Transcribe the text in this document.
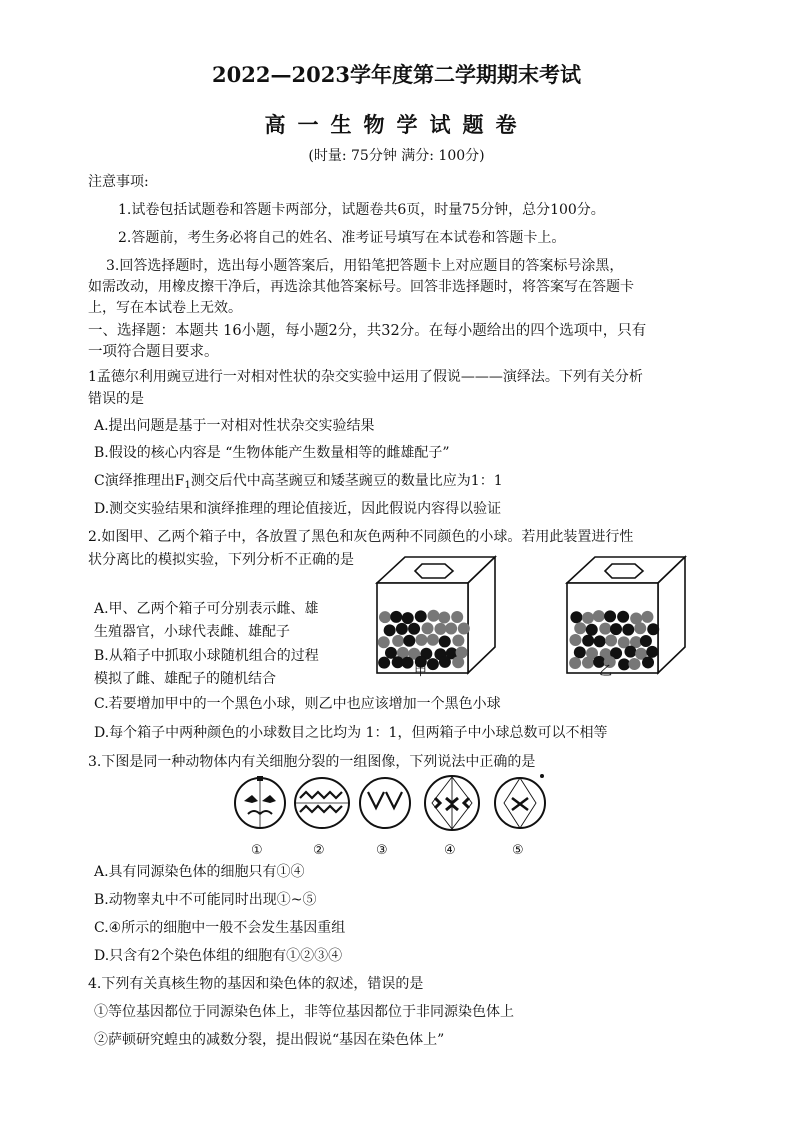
2022—2023学年度第二学期期末考试
高一生物学试题卷
(时量: 75分钟 满分: 100分)
注意事项:
1.试卷包括试题卷和答题卡两部分，试题卷共6页，时量75分钟，总分100分。
2.答题前，考生务必将自己的姓名、准考证号填写在本试卷和答题卡上。
3.回答选择题时，选出每小题答案后，用铅笔把答题卡上对应题目的答案标号涂黑，
如需改动，用橡皮擦干净后，再选涂其他答案标号。回答非选择题时，将答案写在答题卡
上，写在本试卷上无效。
一、选择题：本题共 16小题，每小题2分，共32分。在每小题给出的四个选项中，只有
一项符合题目要求。
1孟德尔利用豌豆进行一对相对性状的杂交实验中运用了假说———演绎法。下列有关分析
错误的是
A.提出问题是基于一对相对性状杂交实验结果
B.假设的核心内容是 “生物体能产生数量相等的雌雄配子”
C演绎推理出$F_1$测交后代中高茎豌豆和矮茎豌豆的数量比应为1：1
D.测交实验结果和演绎推理的理论值接近，因此假说内容得以验证
2.如图甲、乙两个箱子中，各放置了黑色和灰色两种不同颜色的小球。若用此装置进行性
状分离比的模拟实验，下列分析不正确的是
A.甲、乙两个箱子可分别表示雌、雄
生殖器官，小球代表雌、雄配子
B.从箱子中抓取小球随机组合的过程
模拟了雌、雄配子的随机结合
C.若要增加甲中的一个黑色小球，则乙中也应该增加一个黑色小球
D.每个箱子中两种颜色的小球数目之比均为 1：1，但两箱子中小球总数可以不相等
甲	乙
3.下图是同一种动物体内有关细胞分裂的一组图像，下列说法中正确的是
①	②	③	④	⑤
A.具有同源染色体的细胞只有①④
B.动物睾丸中不可能同时出现①~⑤
C.④所示的细胞中一般不会发生基因重组
D.只含有2个染色体组的细胞有①②③④
4.下列有关真核生物的基因和染色体的叙述，错误的是
①等位基因都位于同源染色体上，非等位基因都位于非同源染色体上
②萨顿研究蝗虫的减数分裂，提出假说“基因在染色体上”
